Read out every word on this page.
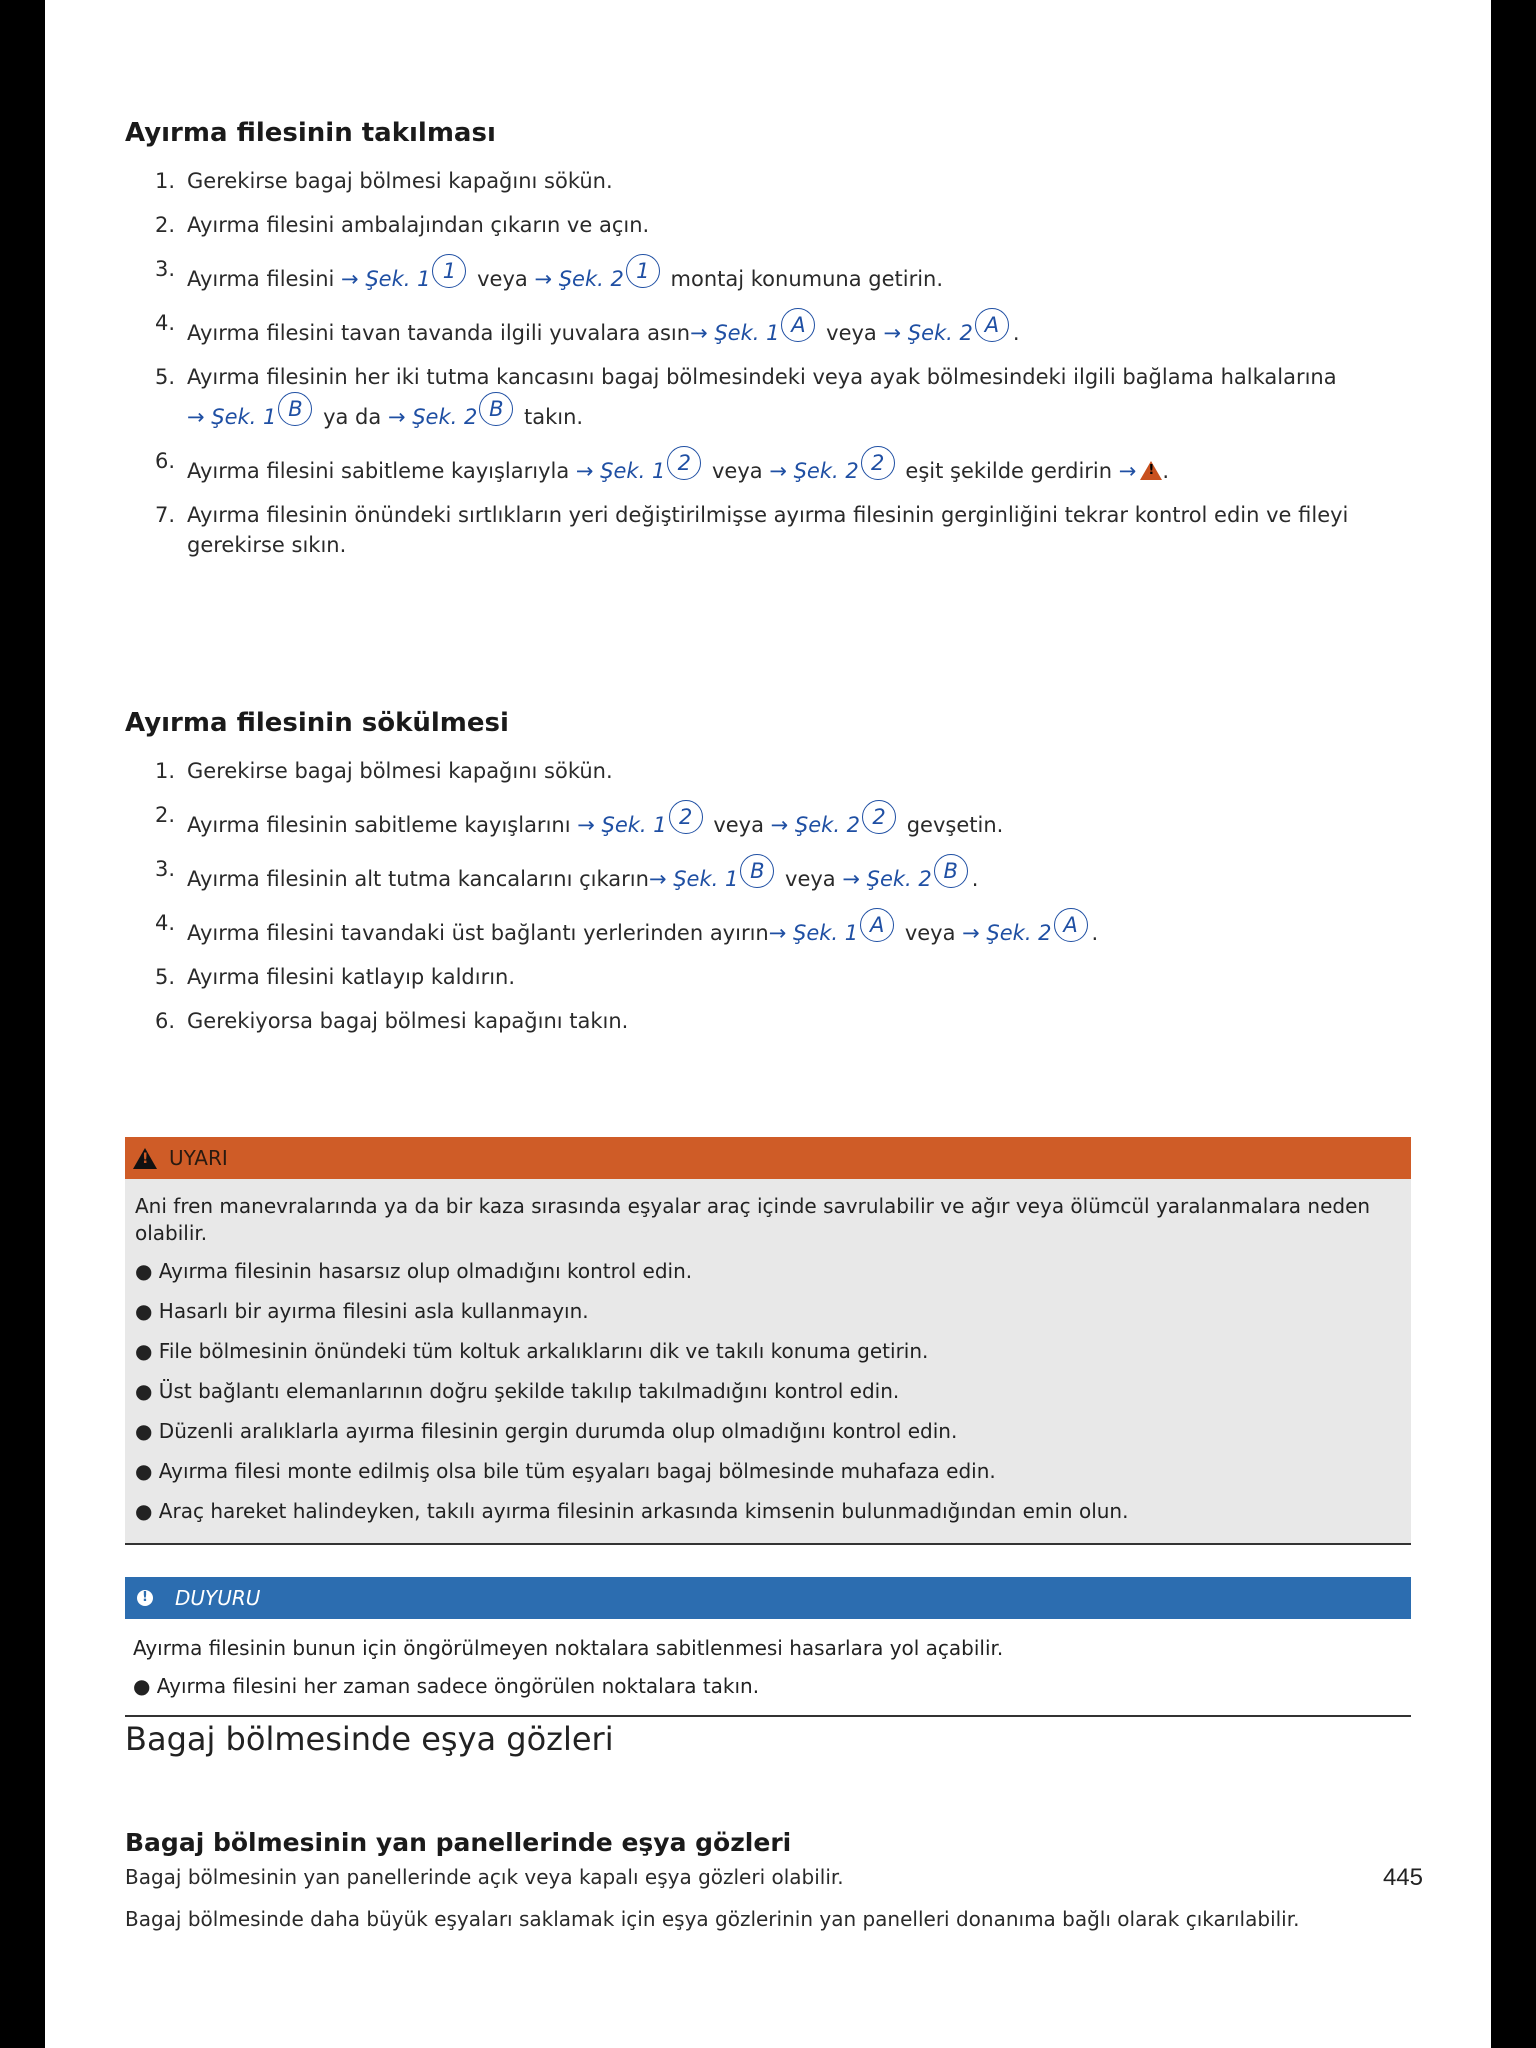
Ayırma filesinin takılması
1. Gerekirse bagaj bölmesi kapağını sökün.
2. Ayırma filesini ambalajından çıkarın ve açın.
3. Ayırma filesini → Şek. 1 1 veya → Şek. 2 1 montaj konumuna getirin.
4. Ayırma filesini tavan tavanda ilgili yuvalara asın→ Şek. 1 A veya → Şek. 2 A .
5. Ayırma filesinin her iki tutma kancasını bagaj bölmesindeki veya ayak bölmesindeki ilgili bağlama halkalarına → Şek. 1 B ya da → Şek. 2 B takın.
6. Ayırma filesini sabitleme kayışlarıyla → Şek. 1 2 veya → Şek. 2 2 eşit şekilde gerdirin →! .
7. Ayırma filesinin önündeki sırtlıkların yeri değiştirilmişse ayırma filesinin gerginliğini tekrar kontrol edin ve fileyi gerekirse sıkın.
Ayırma filesinin sökülmesi
1. Gerekirse bagaj bölmesi kapağını sökün.
2. Ayırma filesinin sabitleme kayışlarını → Şek. 1 2 veya → Şek. 2 2 gevşetin.
3. Ayırma filesinin alt tutma kancalarını çıkarın→ Şek. 1 B veya → Şek. 2 B .
4. Ayırma filesini tavandaki üst bağlantı yerlerinden ayırın→ Şek. 1 A veya → Şek. 2 A .
5. Ayırma filesini katlayıp kaldırın.
6. Gerekiyorsa bagaj bölmesi kapağını takın.
!
UYARI
Ani fren manevralarında ya da bir kaza sırasında eşyalar araç içinde savrulabilir ve ağır veya ölümcül yaralanmalara neden olabilir.
● Ayırma filesinin hasarsız olup olmadığını kontrol edin.
● Hasarlı bir ayırma filesini asla kullanmayın.
● File bölmesinin önündeki tüm koltuk arkalıklarını dik ve takılı konuma getirin.
● Üst bağlantı elemanlarının doğru şekilde takılıp takılmadığını kontrol edin.
● Düzenli aralıklarla ayırma filesinin gergin durumda olup olmadığını kontrol edin.
● Ayırma filesi monte edilmiş olsa bile tüm eşyaları bagaj bölmesinde muhafaza edin.
● Araç hareket halindeyken, takılı ayırma filesinin arkasında kimsenin bulunmadığından emin olun.
! DUYURU
Ayırma filesinin bunun için öngörülmeyen noktalara sabitlenmesi hasarlara yol açabilir.
● Ayırma filesini her zaman sadece öngörülen noktalara takın.
Bagaj bölmesinde eşya gözleri
Bagaj bölmesinin yan panellerinde eşya gözleri

Bagaj bölmesinin yan panellerinde açık veya kapalı eşya gözleri olabilir.

Bagaj bölmesinde daha büyük eşyaları saklamak için eşya gözlerinin yan panelleri donanıma bağlı olarak çıkarılabilir.

445
